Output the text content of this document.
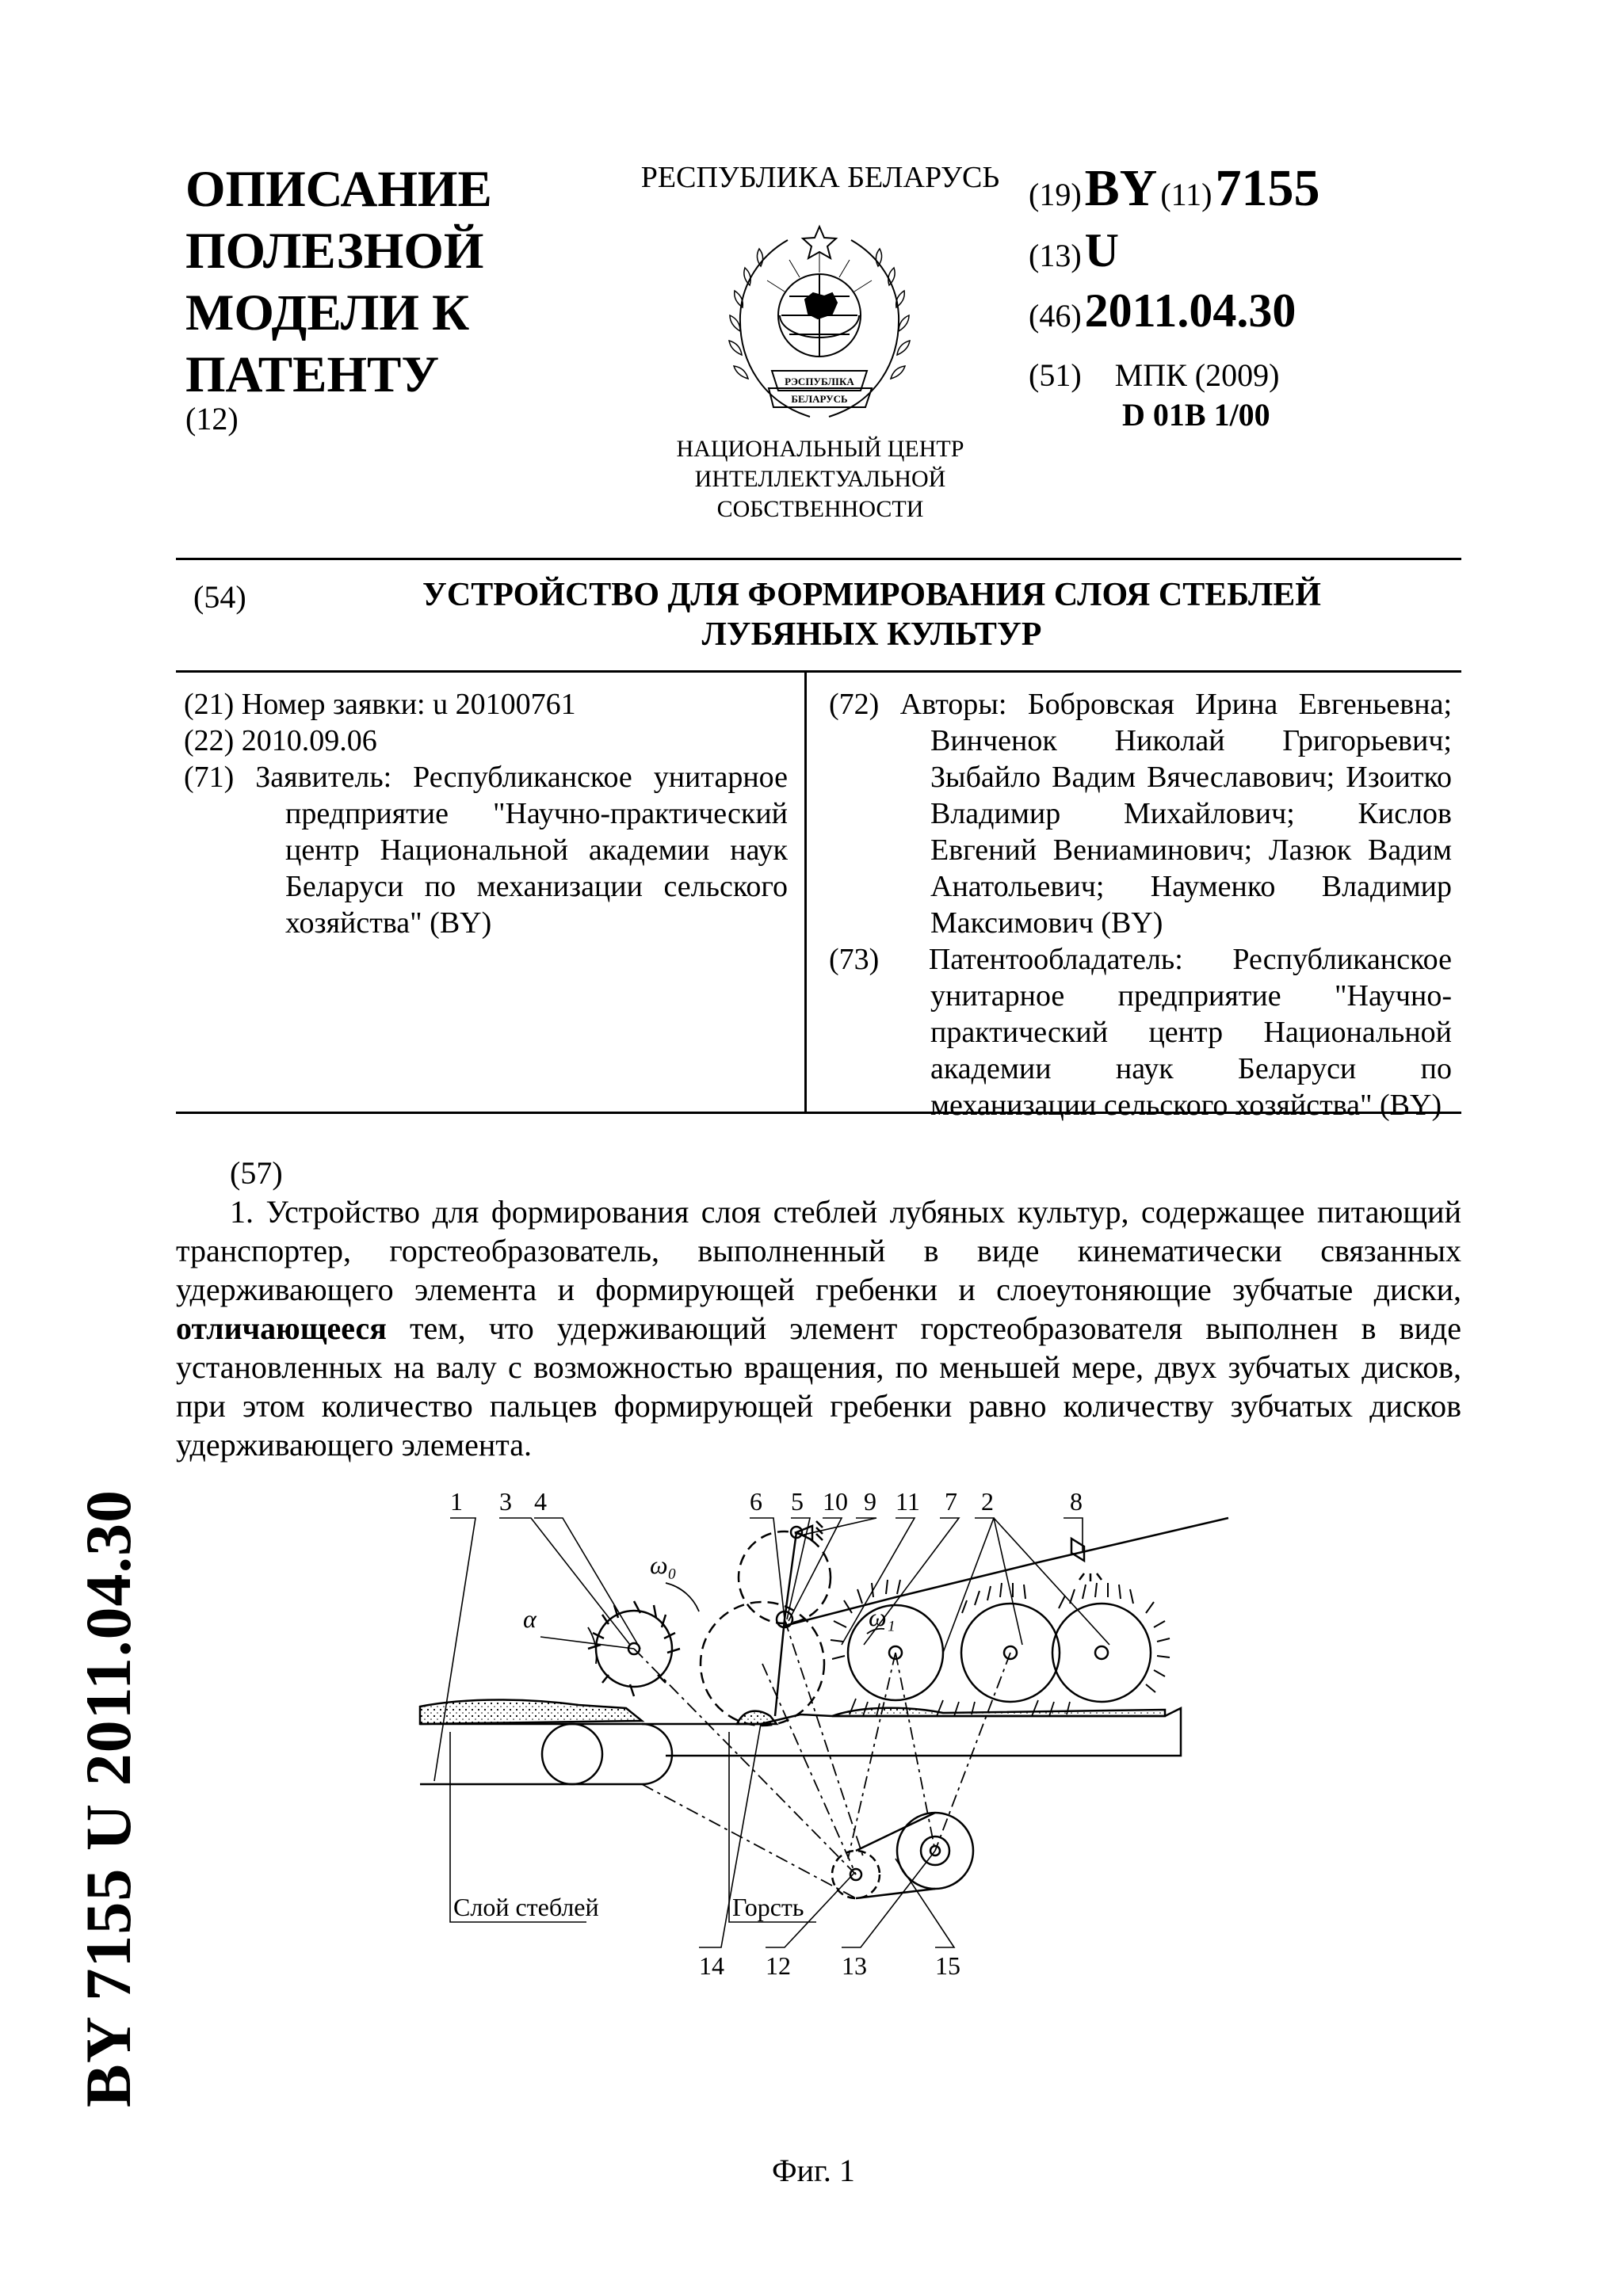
ОПИСАНИЕ
ПОЛЕЗНОЙ
МОДЕЛИ К
ПАТЕНТУ
(12)
РЕСПУБЛИКА БЕЛАРУСЬ
РЭСПУБЛІКА
БЕЛАРУСЬ
НАЦИОНАЛЬНЫЙ ЦЕНТР
ИНТЕЛЛЕКТУАЛЬНОЙ
СОБСТВЕННОСТИ
(19) BY (11) 7155
(13) U
(46) 2011.04.30
(51) МПК (2009)
D 01B 1/00
(54)	УСТРОЙСТВО ДЛЯ ФОРМИРОВАНИЯ СЛОЯ СТЕБЛЕЙ
ЛУБЯНЫХ КУЛЬТУР

(21) Номер заявки: u 20100761

(22) 2010.09.06

(71) Заявитель: Республиканское унитарное предприятие "Научно-практический центр Национальной академии наук Беларуси по механизации сельского хозяйства" (BY)

(72) Авторы: Бобровская Ирина Евгеньевна; Винченок Николай Григорьевич; Зыбайло Вадим Вячеславович; Изоитко Владимир Михайлович; Кислов Евгений Вениаминович; Лазюк Вадим Анатольевич; Науменко Владимир Максимович (BY)

(73) Патентообладатель: Республиканское унитарное предприятие "Научно-практический центр Национальной академии наук Беларуси по механизации сельского хозяйства" (BY)

(57)

1. Устройство для формирования слоя стеблей лубяных культур, содержащее питающий транспортер, горстеобразователь, выполненный в виде кинематически связанных удерживающего элемента и формирующей гребенки и слоеутоняющие зубчатые диски, отличающееся тем, что удерживающий элемент горстеобразователя выполнен в виде установленных на валу с возможностью вращения, по меньшей мере, двух зубчатых дисков, при этом количество пальцев формирующей гребенки равно количеству зубчатых дисков удерживающего элемента.

1 3 4	6 5 10 9 11 7 2	8
14 12 13	15
Слой стеблей	Горсть
α
ω₀
ω₁
Фиг. 1
BY 7155 U 2011.04.30
